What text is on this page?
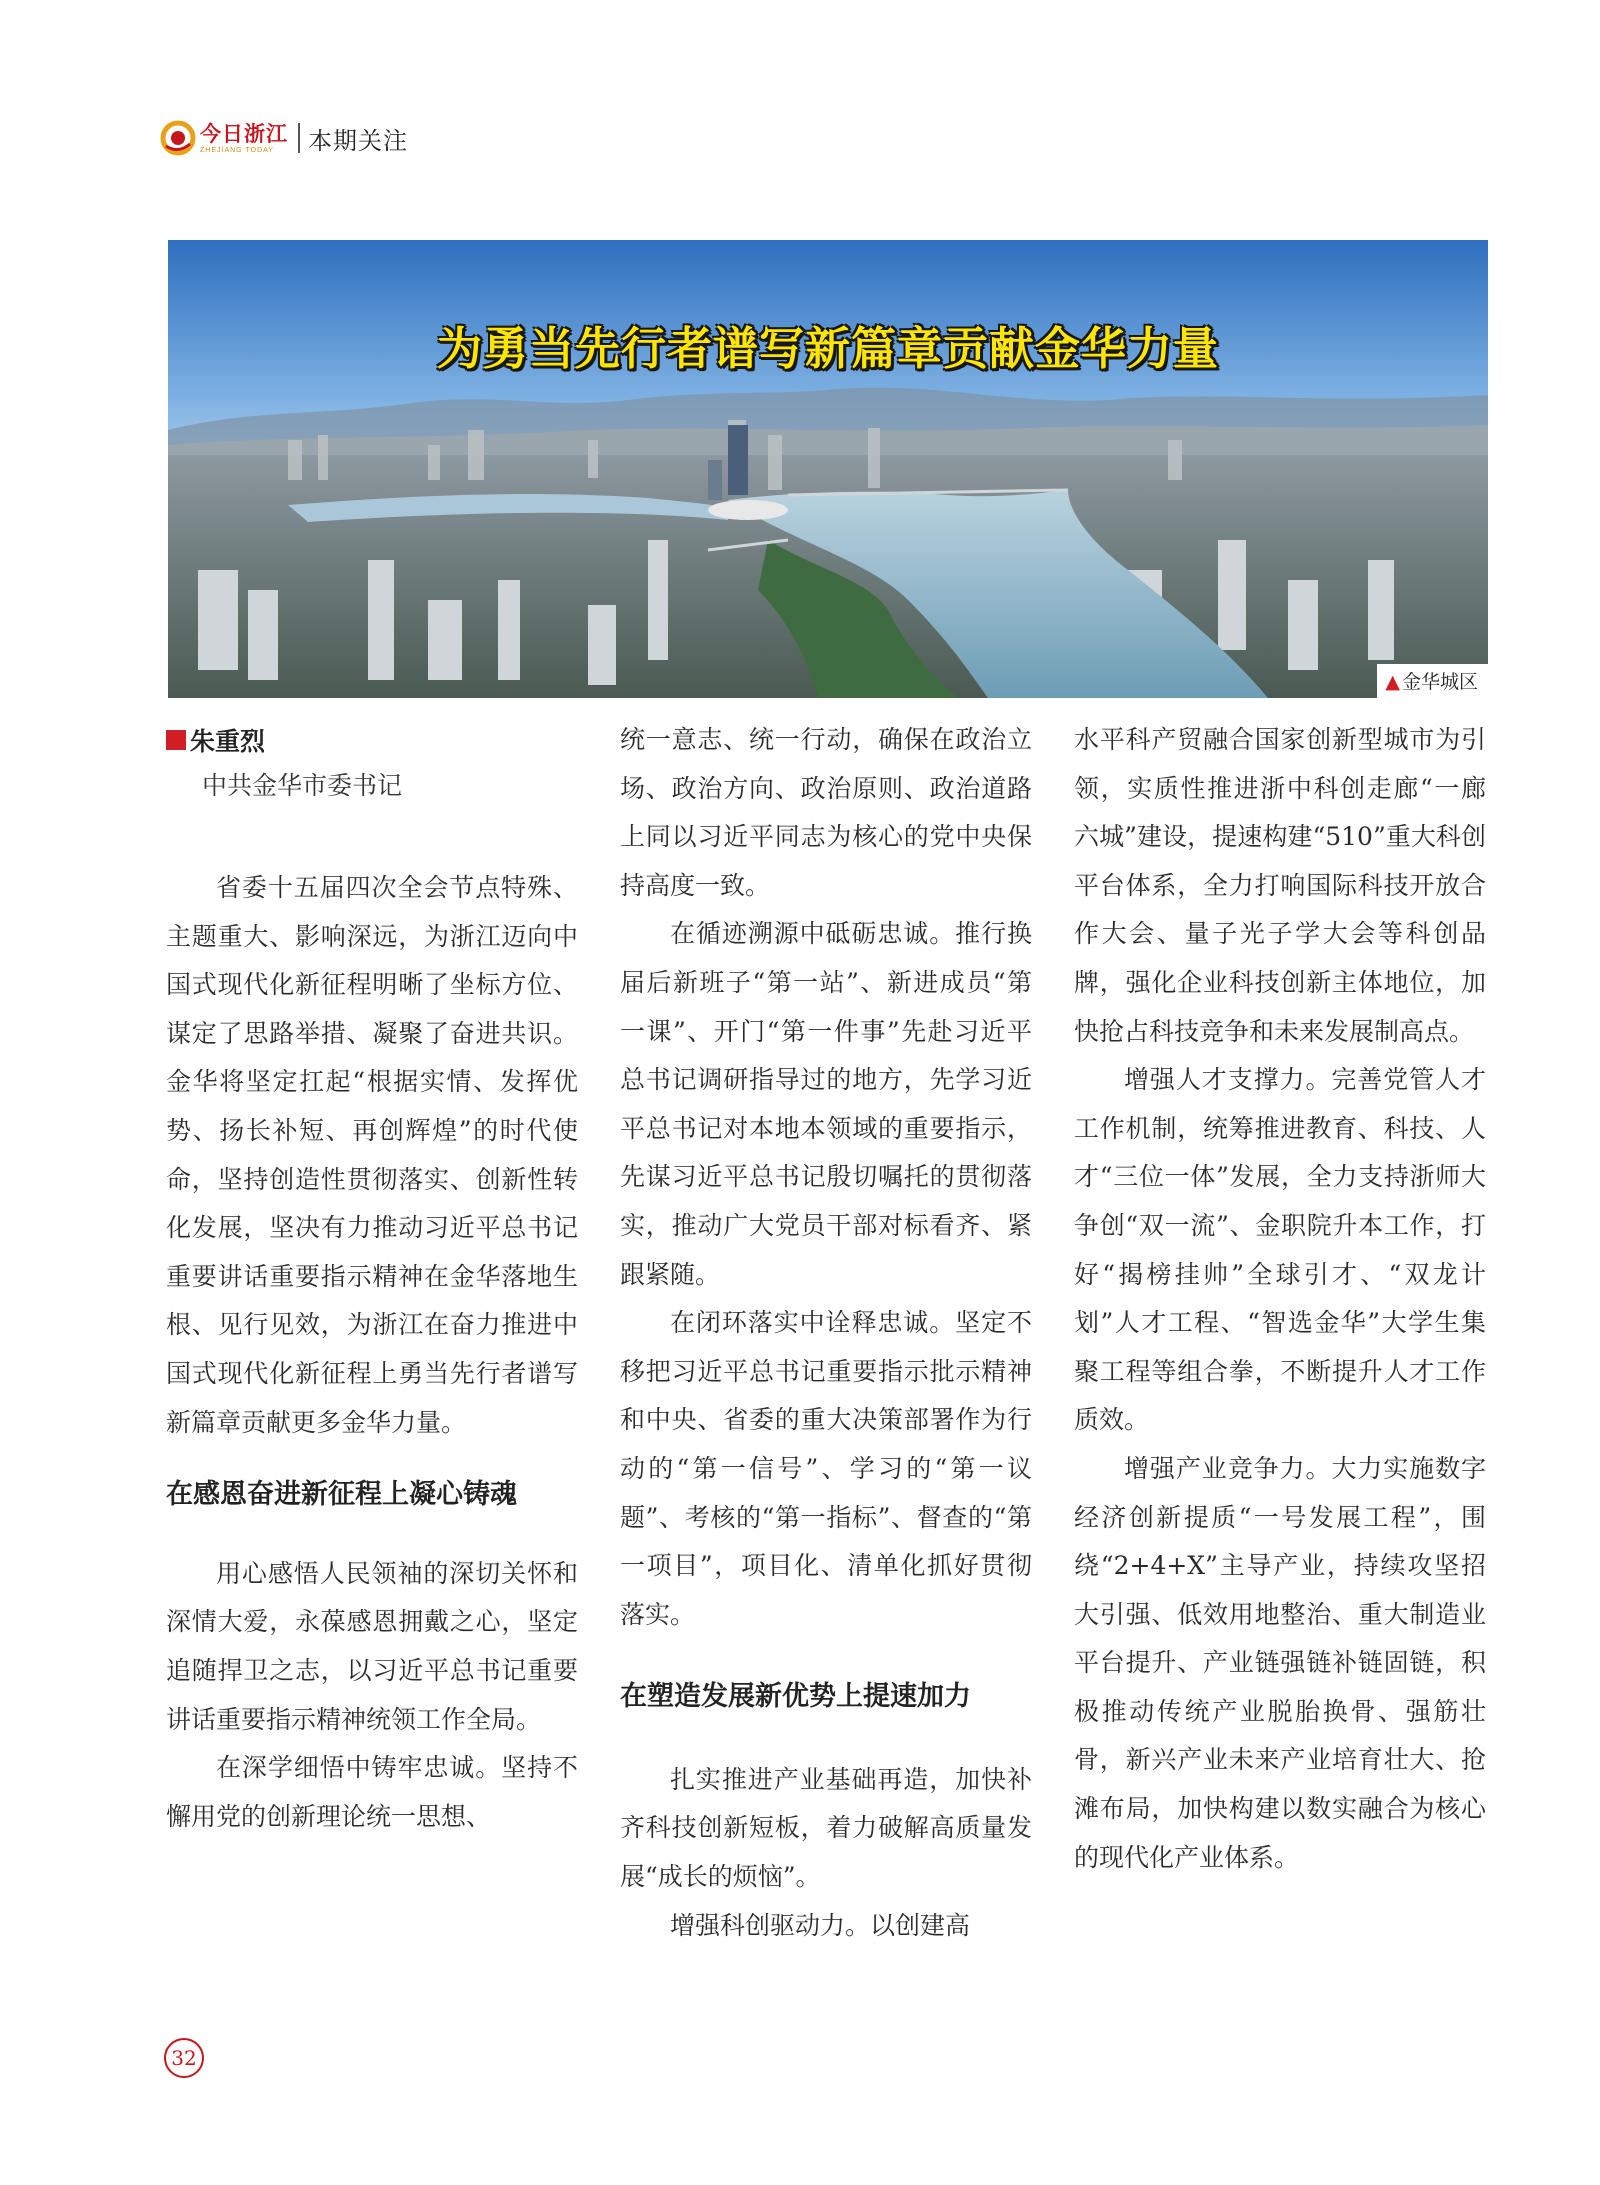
今日浙江
ZHEJIANG TODAY	本期关注
为勇当先行者谱写新篇章贡献金华力量
▲ 金华城区
朱重烈
中共金华市委书记

省委十五届四次全会节点特殊、主题重大、影响深远，为浙江迈向中国式现代化新征程明晰了坐标方位、谋定了思路举措、凝聚了奋进共识。金华将坚定扛起“根据实情、发挥优势、扬长补短、再创辉煌”的时代使命，坚持创造性贯彻落实、创新性转化发展，坚决有力推动习近平总书记重要讲话重要指示精神在金华落地生根、见行见效，为浙江在奋力推进中国式现代化新征程上勇当先行者谱写新篇章贡献更多金华力量。

在感恩奋进新征程上凝心铸魂

用心感悟人民领袖的深切关怀和深情大爱，永葆感恩拥戴之心，坚定追随捍卫之志，以习近平总书记重要讲话重要指示精神统领工作全局。

在深学细悟中铸牢忠诚。坚持不懈用党的创新理论统一思想、

统一意志、统一行动，确保在政治立场、政治方向、政治原则、政治道路上同以习近平同志为核心的党中央保持高度一致。

在循迹溯源中砥砺忠诚。推行换届后新班子“第一站”、新进成员“第一课”、开门“第一件事”先赴习近平总书记调研指导过的地方，先学习近平总书记对本地本领域的重要指示，先谋习近平总书记殷切嘱托的贯彻落实，推动广大党员干部对标看齐、紧跟紧随。

在闭环落实中诠释忠诚。坚定不移把习近平总书记重要指示批示精神和中央、省委的重大决策部署作为行动的“第一信号”、学习的“第一议题”、考核的“第一指标”、督查的“第一项目”，项目化、清单化抓好贯彻落实。

在塑造发展新优势上提速加力

扎实推进产业基础再造，加快补齐科技创新短板，着力破解高质量发展“成长的烦恼”。

增强科创驱动力。以创建高

水平科产贸融合国家创新型城市为引领，实质性推进浙中科创走廊“一廊六城”建设，提速构建“510”重大科创平台体系，全力打响国际科技开放合作大会、量子光子学大会等科创品牌，强化企业科技创新主体地位，加快抢占科技竞争和未来发展制高点。

增强人才支撑力。完善党管人才工作机制，统筹推进教育、科技、人才“三位一体”发展，全力支持浙师大争创“双一流”、金职院升本工作，打好“揭榜挂帅”全球引才、“双龙计划”人才工程、“智选金华”大学生集聚工程等组合拳，不断提升人才工作质效。

增强产业竞争力。大力实施数字经济创新提质“一号发展工程”，围绕“2+4+X”主导产业，持续攻坚招大引强、低效用地整治、重大制造业平台提升、产业链强链补链固链，积极推动传统产业脱胎换骨、强筋壮骨，新兴产业未来产业培育壮大、抢滩布局，加快构建以数实融合为核心的现代化产业体系。

32
